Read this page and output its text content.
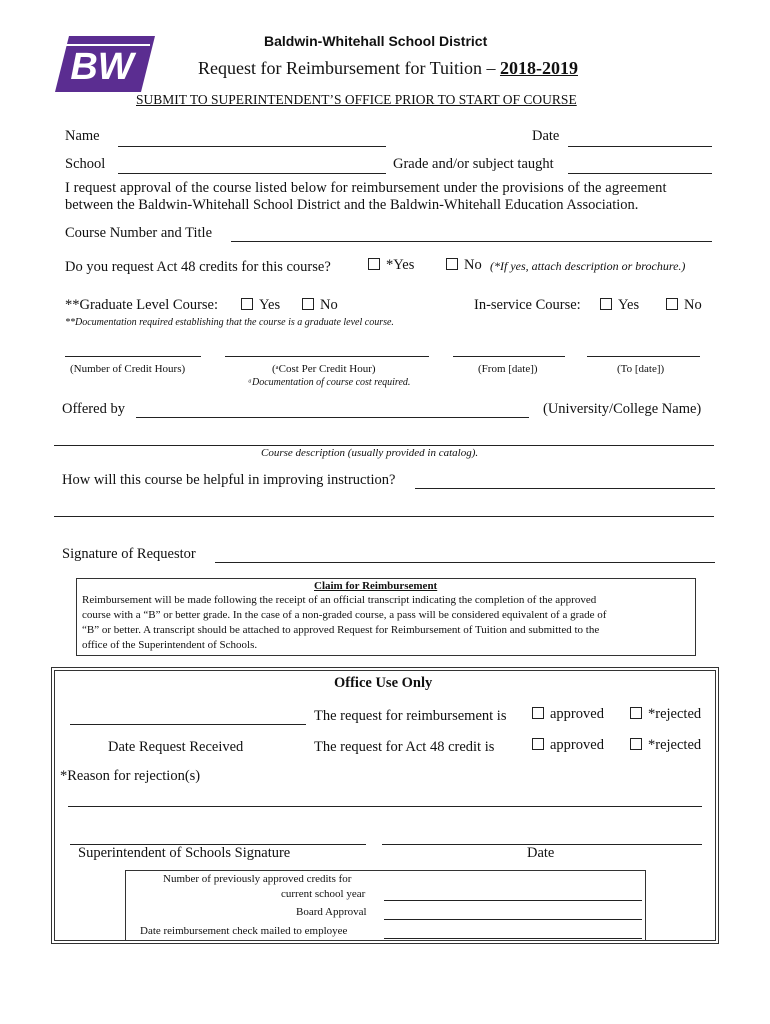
BW
Baldwin-Whitehall School District
Request for Reimbursement for Tuition – 2018-2019
SUBMIT TO SUPERINTENDENT’S OFFICE PRIOR TO START OF COURSE
Name	Date
School	Grade and/or subject taught
I request approval of the course listed below for reimbursement under the provisions of the agreement
between the Baldwin-Whitehall School District and the Baldwin-Whitehall Education Association.
Course Number and Title
Do you request Act 48 credits for this course?	*Yes	No (*If yes, attach description or brochure.)
**Graduate Level Course:	Yes	No	In-service Course:	Yes	No
**Documentation required establishing that the course is a graduate level course.
(Number of Credit Hours)	(ᵃCost Per Credit Hour)
ᵃDocumentation of course cost required.
(From [date])	(To [date])
Offered by	(University/College Name)
Course description (usually provided in catalog).
How will this course be helpful in improving instruction?
Signature of Requestor
Claim for Reimbursement
Reimbursement will be made following the receipt of an official transcript indicating the completion of the approved
course with a “B” or better grade. In the case of a non-graded course, a pass will be considered equivalent of a grade of
“B” or better. A transcript should be attached to approved Request for Reimbursement of Tuition and submitted to the
office of the Superintendent of Schools.
Office Use Only
The request for reimbursement is	approved	*rejected
Date Request Received	The request for Act 48 credit is	approved	*rejected
*Reason for rejection(s)
Superintendent of Schools Signature	Date
Number of previously approved credits for
current school year
Board Approval
Date reimbursement check mailed to employee
